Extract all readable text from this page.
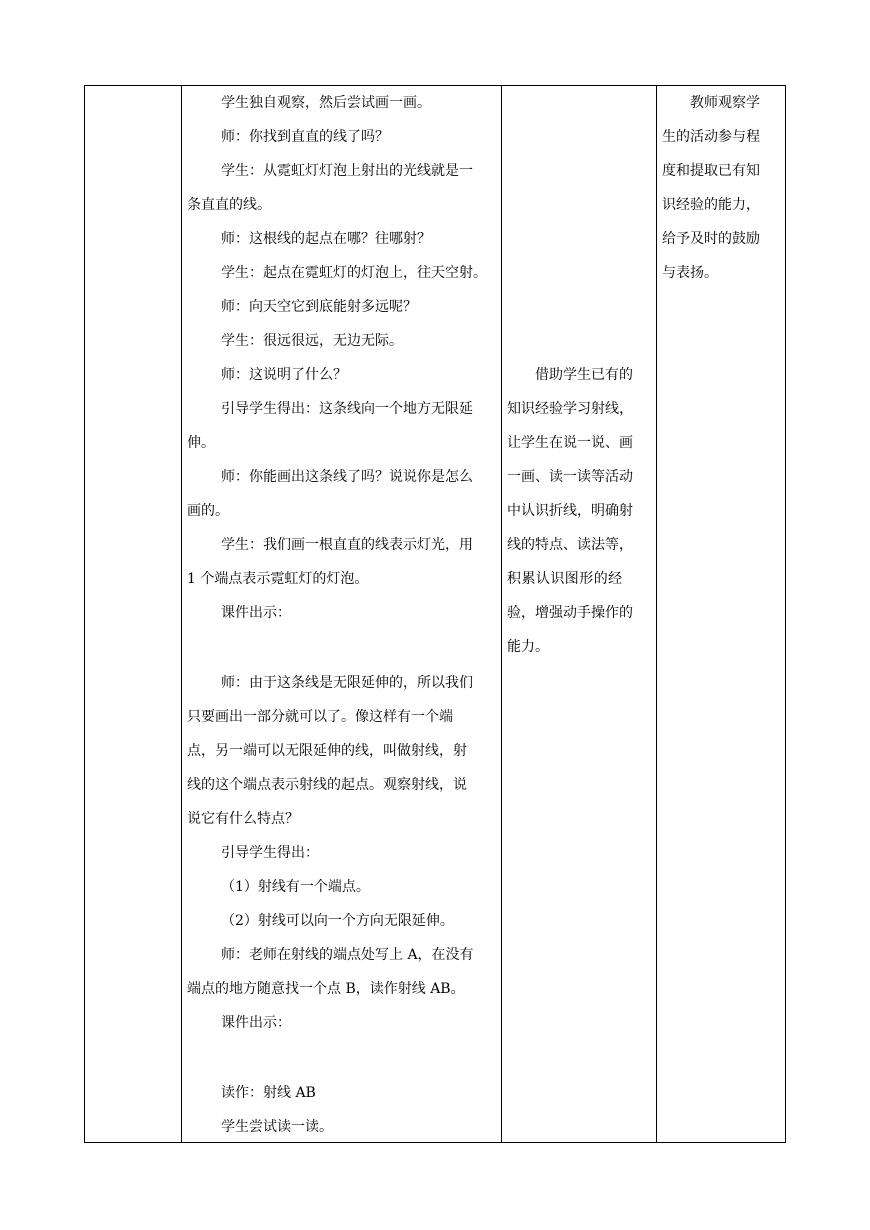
学生独自观察，然后尝试画一画。

师：你找到直直的线了吗？

学生：从霓虹灯灯泡上射出的光线就是一

条直直的线。

师：这根线的起点在哪？往哪射？

学生：起点在霓虹灯的灯泡上，往天空射。

师：向天空它到底能射多远呢？

学生：很远很远，无边无际。

师：这说明了什么？

引导学生得出：这条线向一个地方无限延

伸。

师：你能画出这条线了吗？说说你是怎么

画的。

学生：我们画一根直直的线表示灯光，用

1 个端点表示霓虹灯的灯泡。

课件出示：

师：由于这条线是无限延伸的，所以我们

只要画出一部分就可以了。像这样有一个端

点，另一端可以无限延伸的线，叫做射线，射

线的这个端点表示射线的起点。观察射线，说

说它有什么特点？

引导学生得出：

（1）射线有一个端点。

（2）射线可以向一个方向无限延伸。

师：老师在射线的端点处写上 A，在没有

端点的地方随意找一个点 B，读作射线 AB。

课件出示：

读作：射线 AB

学生尝试读一读。

借助学生已有的

知识经验学习射线，

让学生在说一说、画

一画、读一读等活动

中认识折线，明确射

线的特点、读法等，

积 累 认 识 图 形 的 经

验，增强动手操作的

能力。

教师观察学

生的活动参与程

度和提取已有知

识经验的能力，

给予及时的鼓励

与表扬。
